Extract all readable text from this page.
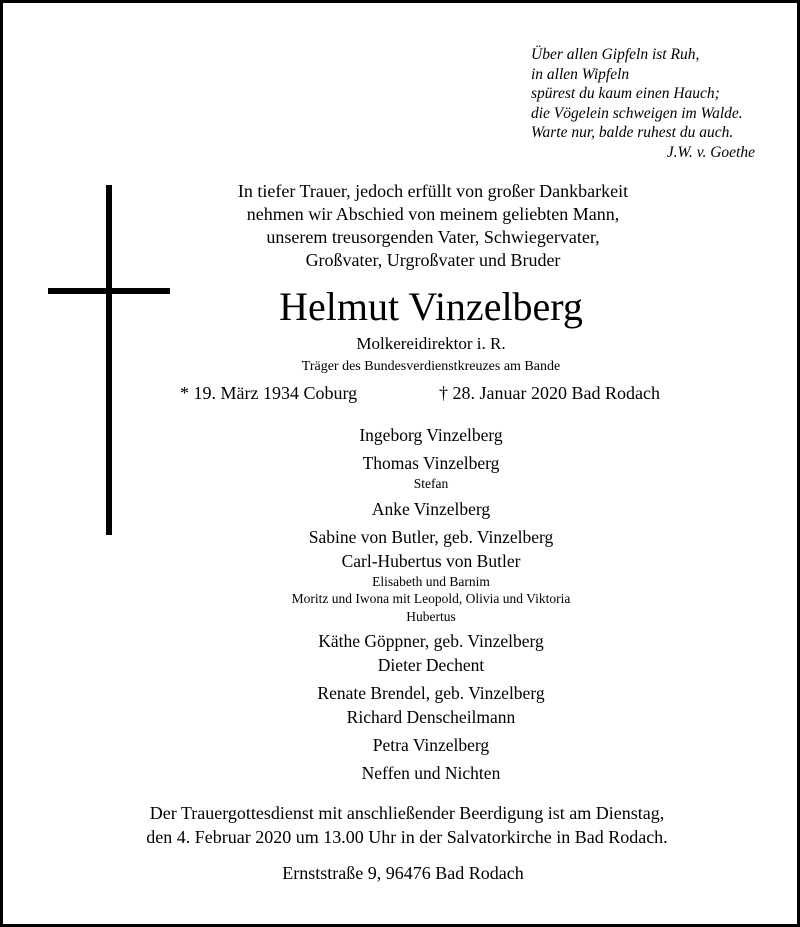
Über allen Gipfeln ist Ruh,
in allen Wipfeln
spürest du kaum einen Hauch;
die Vögelein schweigen im Walde.
Warte nur, balde ruhest du auch.
J.W. v. Goethe
In tiefer Trauer, jedoch erfüllt von großer Dankbarkeit
nehmen wir Abschied von meinem geliebten Mann,
unserem treusorgenden Vater, Schwiegervater,
Großvater, Urgroßvater und Bruder
Helmut Vinzelberg
Molkereidirektor i. R.
Träger des Bundesverdienstkreuzes am Bande
* 19. März 1934 Coburg	† 28. Januar 2020 Bad Rodach
Ingeborg Vinzelberg
Thomas Vinzelberg
Stefan
Anke Vinzelberg
Sabine von Butler, geb. Vinzelberg
Carl-Hubertus von Butler
Elisabeth und Barnim
Moritz und Iwona mit Leopold, Olivia und Viktoria
Hubertus
Käthe Göppner, geb. Vinzelberg
Dieter Dechent
Renate Brendel, geb. Vinzelberg
Richard Denscheilmann
Petra Vinzelberg
Neffen und Nichten
Der Trauergottesdienst mit anschließender Beerdigung ist am Dienstag,
den 4. Februar 2020 um 13.00 Uhr in der Salvatorkirche in Bad Rodach.
Ernststraße 9, 96476 Bad Rodach
